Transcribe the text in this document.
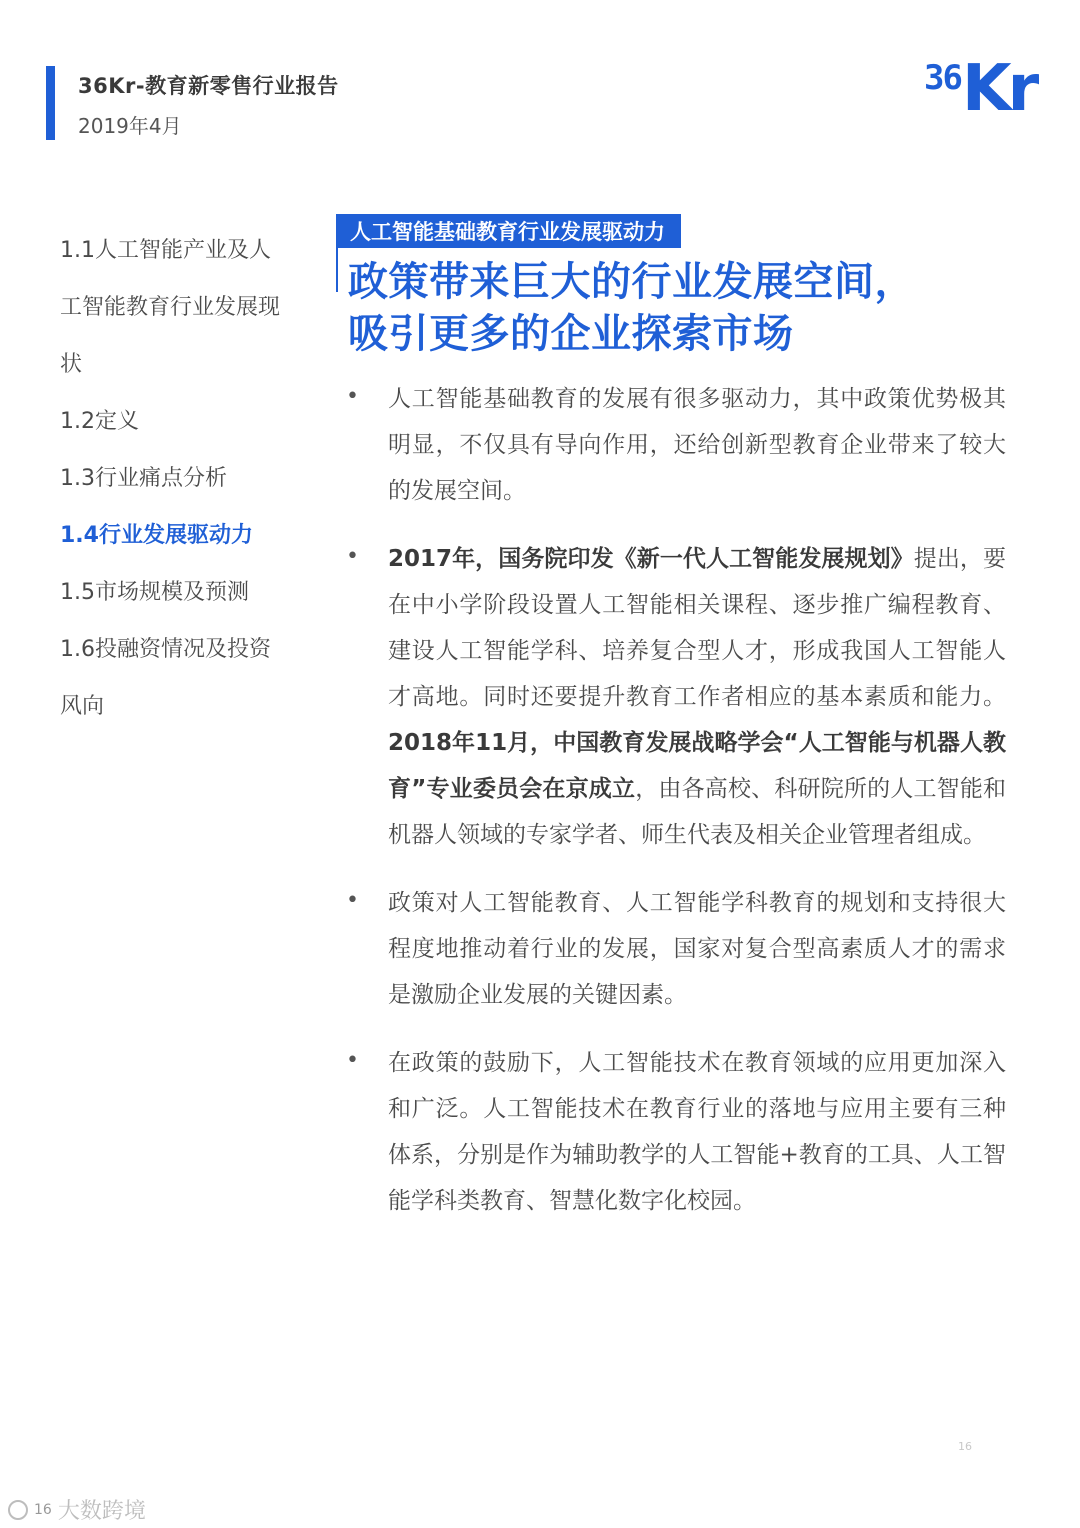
36Kr-教育新零售行业报告
2019年4月
36 Kr
1.1人工智能产业及人
工智能教育行业发展现
状
1.2定义
1.3行业痛点分析
1.4行业发展驱动力
1.5市场规模及预测
1.6投融资情况及投资
风向
人工智能基础教育行业发展驱动力
政策带来巨大的行业发展空间，
吸引更多的企业探索市场
• 人工智能基础教育的发展有很多驱动力，其中政策优势极其明显，不仅具有导向作用，还给创新型教育企业带来了较大的发展空间。
• 2017年，国务院印发《新一代人工智能发展规划》提出，要在中小学阶段设置人工智能相关课程、逐步推广编程教育、建设人工智能学科、培养复合型人才，形成我国人工智能人才高地。同时还要提升教育工作者相应的基本素质和能力。2018年11月，中国教育发展战略学会“人工智能与机器人教育”专业委员会在京成立，由各高校、科研院所的人工智能和机器人领域的专家学者、师生代表及相关企业管理者组成。
• 政策对人工智能教育、人工智能学科教育的规划和支持很大程度地推动着行业的发展，国家对复合型高素质人才的需求是激励企业发展的关键因素。
• 在政策的鼓励下，人工智能技术在教育领域的应用更加深入和广泛。人工智能技术在教育行业的落地与应用主要有三种体系，分别是作为辅助教学的人工智能+教育的工具、人工智能学科类教育、智慧化数字化校园。
16
16 大数跨境
